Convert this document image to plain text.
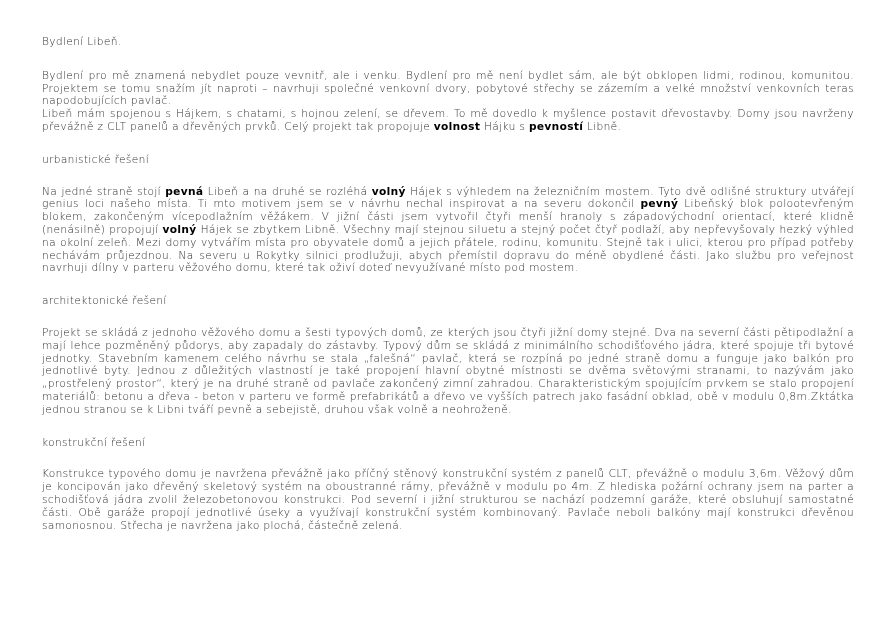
Bydlení Libeň.

Bydlení pro mě znamená nebydlet pouze vevnitř, ale i venku. Bydlení pro mě není bydlet sám, ale být obklopen lidmi, rodinou, komunitou. Projektem se tomu snažím jít naproti – navrhuji společné venkovní dvory, pobytové střechy se zázemím a velké množství venkovních teras napodobujících pavlač.

Libeň mám spojenou s Hájkem, s chatami, s hojnou zelení, se dřevem. To mě dovedlo k myšlence postavit dřevostavby. Domy jsou navrženy převážně z CLT panelů a dřevěných prvků. Celý projekt tak propojuje volnost Hájku s pevností Libně.

urbanistické řešení

Na jedné straně stojí pevná Libeň a na druhé se rozléhá volný Hájek s výhledem na železničním mostem. Tyto dvě odlišné struktury utvářejí genius loci našeho místa. Ti mto motivem jsem se v návrhu nechal inspirovat a na severu dokončil pevný Libeňský blok polootevřeným blokem, zakončeným vícepodlažním věžákem. V jižní části jsem vytvořil čtyři menší hranoly s západovýchodní orientací, které klidně (nenásilně) propojují volný Hájek se zbytkem Libně. Všechny mají stejnou siluetu a stejný počet čtyř podlaží, aby nepřevyšovaly hezký výhled na okolní zeleň. Mezi domy vytvářím místa pro obyvatele domů a jejich přátele, rodinu, komunitu. Stejně tak i ulici, kterou pro případ potřeby nechávám průjezdnou. Na severu u Rokytky silnici prodlužuji, abych přemístil dopravu do méně obydlené části. Jako službu pro veřejnost navrhuji dílny v parteru věžového domu, které tak oživí doteď nevyužívané místo pod mostem.

architektonické řešení

Projekt se skládá z jednoho věžového domu a šesti typových domů, ze kterých jsou čtyři jižní domy stejné. Dva na severní části pětipodlažní a mají lehce pozměněný půdorys, aby zapadaly do zástavby. Typový dům se skládá z minimálního schodišťového jádra, které spojuje tři bytové jednotky. Stavebním kamenem celého návrhu se stala „falešná“ pavlač, která se rozpíná po jedné straně domu a funguje jako balkón pro jednotlivé byty. Jednou z důležitých vlastností je také propojení hlavní obytné místnosti se dvěma světovými stranami, to nazývám jako „prostřelený prostor“, který je na druhé straně od pavlače zakončený zimní zahradou. Charakteristickým spojujícím prvkem se stalo propojení materiálů: betonu a dřeva - beton v parteru ve formě prefabrikátů a dřevo ve vyšších patrech jako fasádní obklad, obě v modulu 0,8m.Zktátka jednou stranou se k Libni tváří pevně a sebejistě, druhou však volně a neohroženě.

konstrukční řešení

Konstrukce typového domu je navržena převážně jako příčný stěnový konstrukční systém z panelů CLT, převážně o modulu 3,6m. Věžový dům je koncipován jako dřevěný skeletový systém na oboustranné rámy, převážně v modulu po 4m. Z hlediska požární ochrany jsem na parter a schodišťová jádra zvolil železobetonovou konstrukci. Pod severní i jižní strukturou se nachází podzemní garáže, které obsluhují samostatné části. Obě garáže propojí jednotlivé úseky a využívají konstrukční systém kombinovaný. Pavlače neboli balkóny mají konstrukci dřevěnou samonosnou. Střecha je navržena jako plochá, částečně zelená.
